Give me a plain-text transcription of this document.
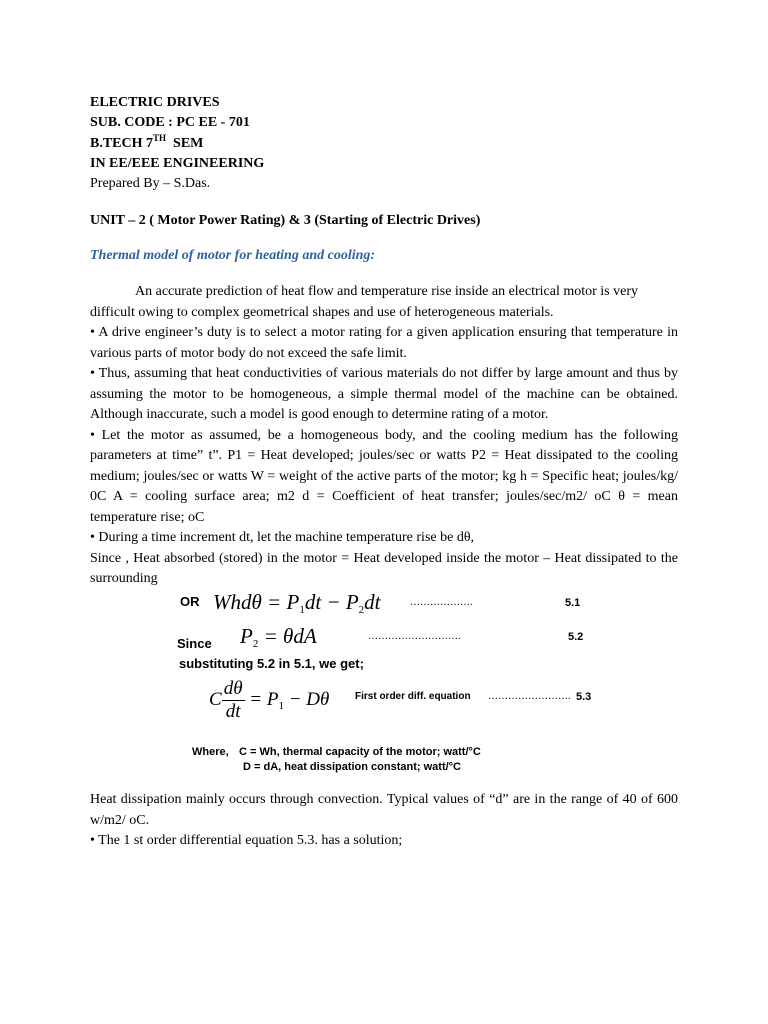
ELECTRIC DRIVES
SUB. CODE : PC EE - 701
B.TECH 7TH SEM
IN EE/EEE ENGINEERING
Prepared By – S.Das.
UNIT – 2 ( Motor Power Rating) & 3 (Starting of Electric Drives)
Thermal model of motor for heating and cooling:
An accurate prediction of heat flow and temperature rise inside an electrical motor is very
difficult owing to complex geometrical shapes and use of heterogeneous materials.
• A drive engineer’s duty is to select a motor rating for a given application ensuring that temperature in various parts of motor body do not exceed the safe limit.
• Thus, assuming that heat conductivities of various materials do not differ by large amount and thus by assuming the motor to be homogeneous, a simple thermal model of the machine can be obtained. Although inaccurate, such a model is good enough to determine rating of a motor.
• Let the motor as assumed, be a homogeneous body, and the cooling medium has the following parameters at time” t”. P1 = Heat developed; joules/sec or watts P2 = Heat dissipated to the cooling medium; joules/sec or watts W = weight of the active parts of the motor; kg h = Specific heat; joules/kg/ 0C A = cooling surface area; m2 d = Coefficient of heat transfer; joules/sec/m2/ oC θ = mean temperature rise; oC
• During a time increment dt, let the machine temperature rise be dθ,
Since , Heat absorbed (stored) in the motor = Heat developed inside the motor – Heat dissipated to the surrounding
OR $Whd\theta = P_1dt - P_2dt$	……………….	5.1
Since $P_2 = \theta dA$	……………………….	5.2
substituting 5.2 in 5.1, we get;
C $\frac{d\theta}{dt} = P_1 - D\theta$	First order diff. equation ……………………. 5.3
Where, C = Wh, thermal capacity of the motor; watt/°C
D = dA, heat dissipation constant; watt/°C
Heat dissipation mainly occurs through convection. Typical values of “d” are in the range of 40 of 600 w/m2/ oC.
• The 1 st order differential equation 5.3. has a solution;
